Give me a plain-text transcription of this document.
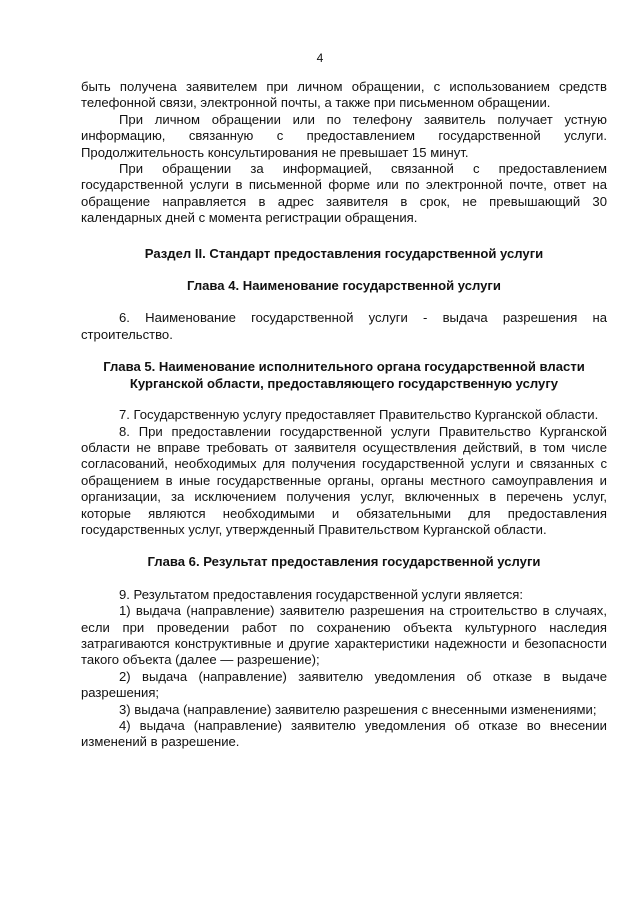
4

быть получена заявителем при личном обращении, с использованием средств телефонной связи, электронной почты, а также при письменном обращении.

При личном обращении или по телефону заявитель получает устную информацию, связанную с предоставлением государственной услуги. Продолжительность консультирования не превышает 15 минут.

При обращении за информацией, связанной с предоставлением государственной услуги в письменной форме или по электронной почте, ответ на обращение направляется в адрес заявителя в срок, не превышающий 30 календарных дней с момента регистрации обращения.

Раздел II. Стандарт предоставления государственной услуги
Глава 4. Наименование государственной услуги

6. Наименование государственной услуги - выдача разрешения на строительство.

Глава 5. Наименование исполнительного органа государственной власти
Курганской области, предоставляющего государственную услугу

7. Государственную услугу предоставляет Правительство Курганской области.

8. При предоставлении государственной услуги Правительство Курганской области не вправе требовать от заявителя осуществления действий, в том числе согласований, необходимых для получения государственной услуги и связанных с обращением в иные государственные органы, органы местного самоуправления и организации, за исключением получения услуг, включенных в перечень услуг, которые являются необходимыми и обязательными для предоставления государственных услуг, утвержденный Правительством Курганской области.

Глава 6. Результат предоставления государственной услуги

9. Результатом предоставления государственной услуги является:

1) выдача (направление) заявителю разрешения на строительство в случаях, если при проведении работ по сохранению объекта культурного наследия затрагиваются конструктивные и другие характеристики надежности и безопасности такого объекта (далее — разрешение);

2) выдача (направление) заявителю уведомления об отказе в выдаче разрешения;

3) выдача (направление) заявителю разрешения с внесенными изменениями;

4) выдача (направление) заявителю уведомления об отказе во внесении изменений в разрешение.
